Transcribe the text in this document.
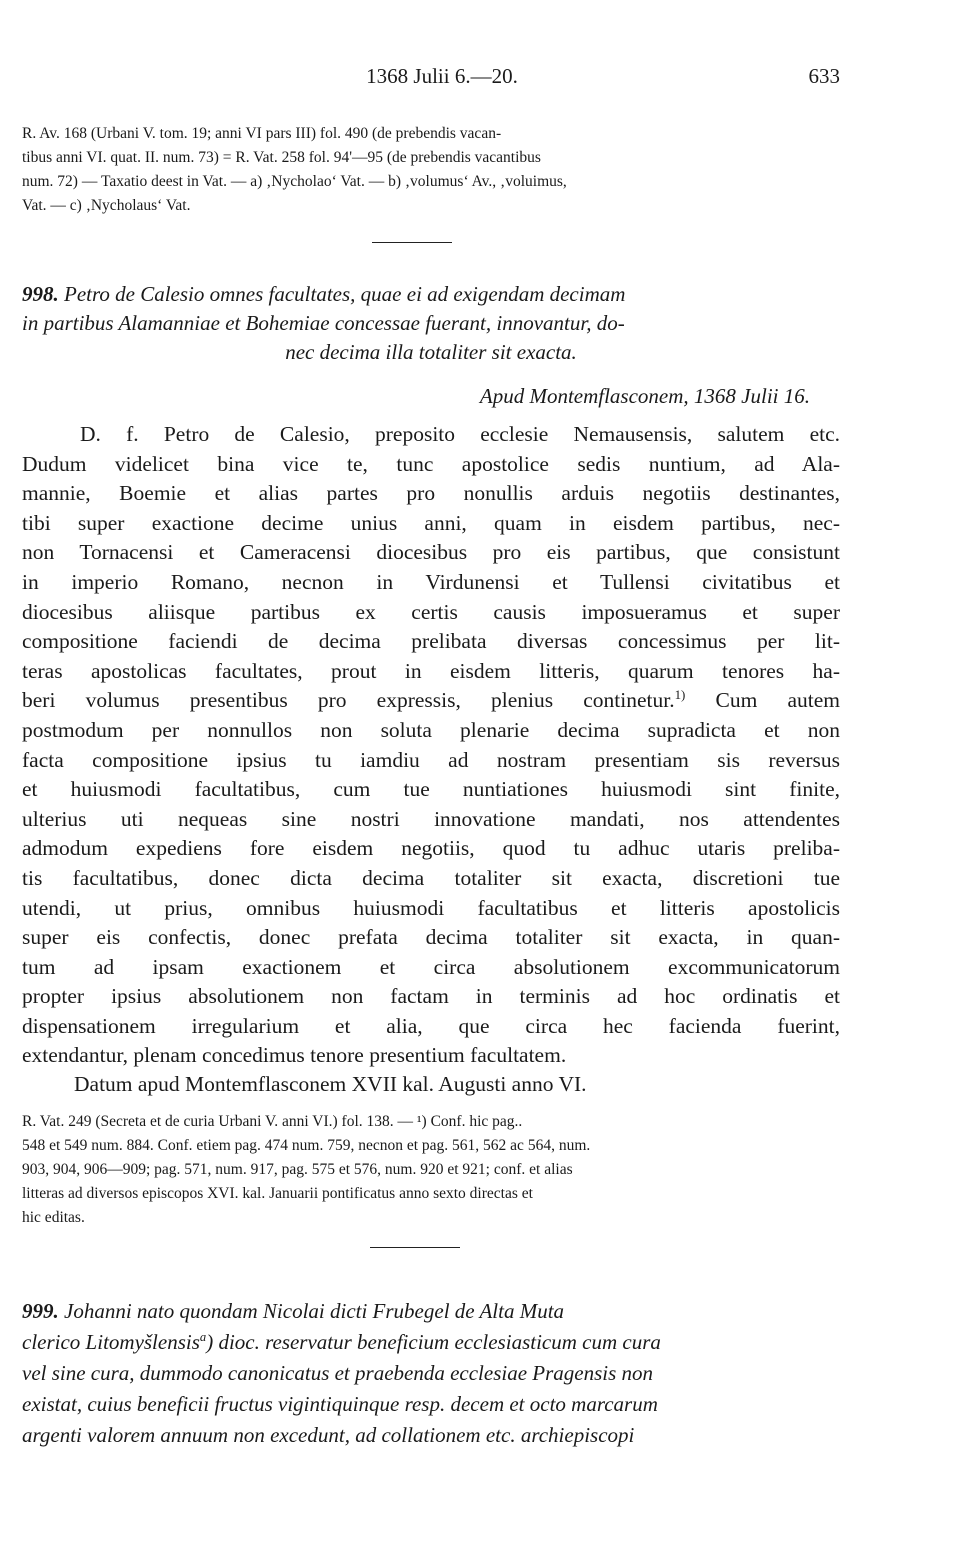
1368 Julii 6.—20.	633
R. Av. 168 (Urbani V. tom. 19; anni VI pars III) fol. 490 (de prebendis vacan-
tibus anni VI. quat. II. num. 73) = R. Vat. 258 fol. 94'—95 (de prebendis vacantibus
num. 72) — Taxatio deest in Vat. — a) ‚Nycholao‘ Vat. — b) ‚volumus‘ Av., ‚voluimus,
Vat. — c) ‚Nycholaus‘ Vat.
998. Petro de Calesio omnes facultates, quae ei ad exigendam decimam
in partibus Alamanniae et Bohemiae concessae fuerant, innovantur, do-
nec decima illa totaliter sit exacta.
Apud Montemflasconem, 1368 Julii 16.
D. f. Petro de Calesio, preposito ecclesie Nemausensis, salutem etc.
Dudum videlicet bina vice te, tunc apostolice sedis nuntium, ad Ala-
mannie, Boemie et alias partes pro nonullis arduis negotiis destinantes,
tibi super exactione decime unius anni, quam in eisdem partibus, nec-
non Tornacensi et Cameracensi diocesibus pro eis partibus, que consistunt
in imperio Romano, necnon in Virdunensi et Tullensi civitatibus et
diocesibus aliisque partibus ex certis causis imposueramus et super
compositione faciendi de decima prelibata diversas concessimus per lit-
teras apostolicas facultates, prout in eisdem litteris, quarum tenores ha-
beri volumus presentibus pro expressis, plenius continetur.$^{1)}$ Cum autem
postmodum per nonnullos non soluta plenarie decima supradicta et non
facta compositione ipsius tu iamdiu ad nostram presentiam sis reversus
et huiusmodi facultatibus, cum tue nuntiationes huiusmodi sint finite,
ulterius uti nequeas sine nostri innovatione mandati, nos attendentes
admodum expediens fore eisdem negotiis, quod tu adhuc utaris preliba-
tis facultatibus, donec dicta decima totaliter sit exacta, discretioni tue
utendi, ut prius, omnibus huiusmodi facultatibus et litteris apostolicis
super eis confectis, donec prefata decima totaliter sit exacta, in quan-
tum ad ipsam exactionem et circa absolutionem excommunicatorum
propter ipsius absolutionem non factam in terminis ad hoc ordinatis et
dispensationem irregularium et alia, que circa hec facienda fuerint,
extendantur, plenam concedimus tenore presentium facultatem.
Datum apud Montemflasconem XVII kal. Augusti anno VI.
R. Vat. 249 (Secreta et de curia Urbani V. anni VI.) fol. 138. — ¹) Conf. hic pag..
548 et 549 num. 884. Conf. etiem pag. 474 num. 759, necnon et pag. 561, 562 ac 564, num.
903, 904, 906—909; pag. 571, num. 917, pag. 575 et 576, num. 920 et 921; conf. et alias
litteras ad diversos episcopos XVI. kal. Januarii pontificatus anno sexto directas et
hic editas.
999. Johanni nato quondam Nicolai dicti Frubegel de Alta Muta
clerico Litomyšlensis$^a$) dioc. reservatur beneficium ecclesiasticum cum cura
vel sine cura, dummodo canonicatus et praebenda ecclesiae Pragensis non
existat, cuius beneficii fructus vigintiquinque resp. decem et octo marcarum
argenti valorem annuum non excedunt, ad collationem etc. archiepiscopi
